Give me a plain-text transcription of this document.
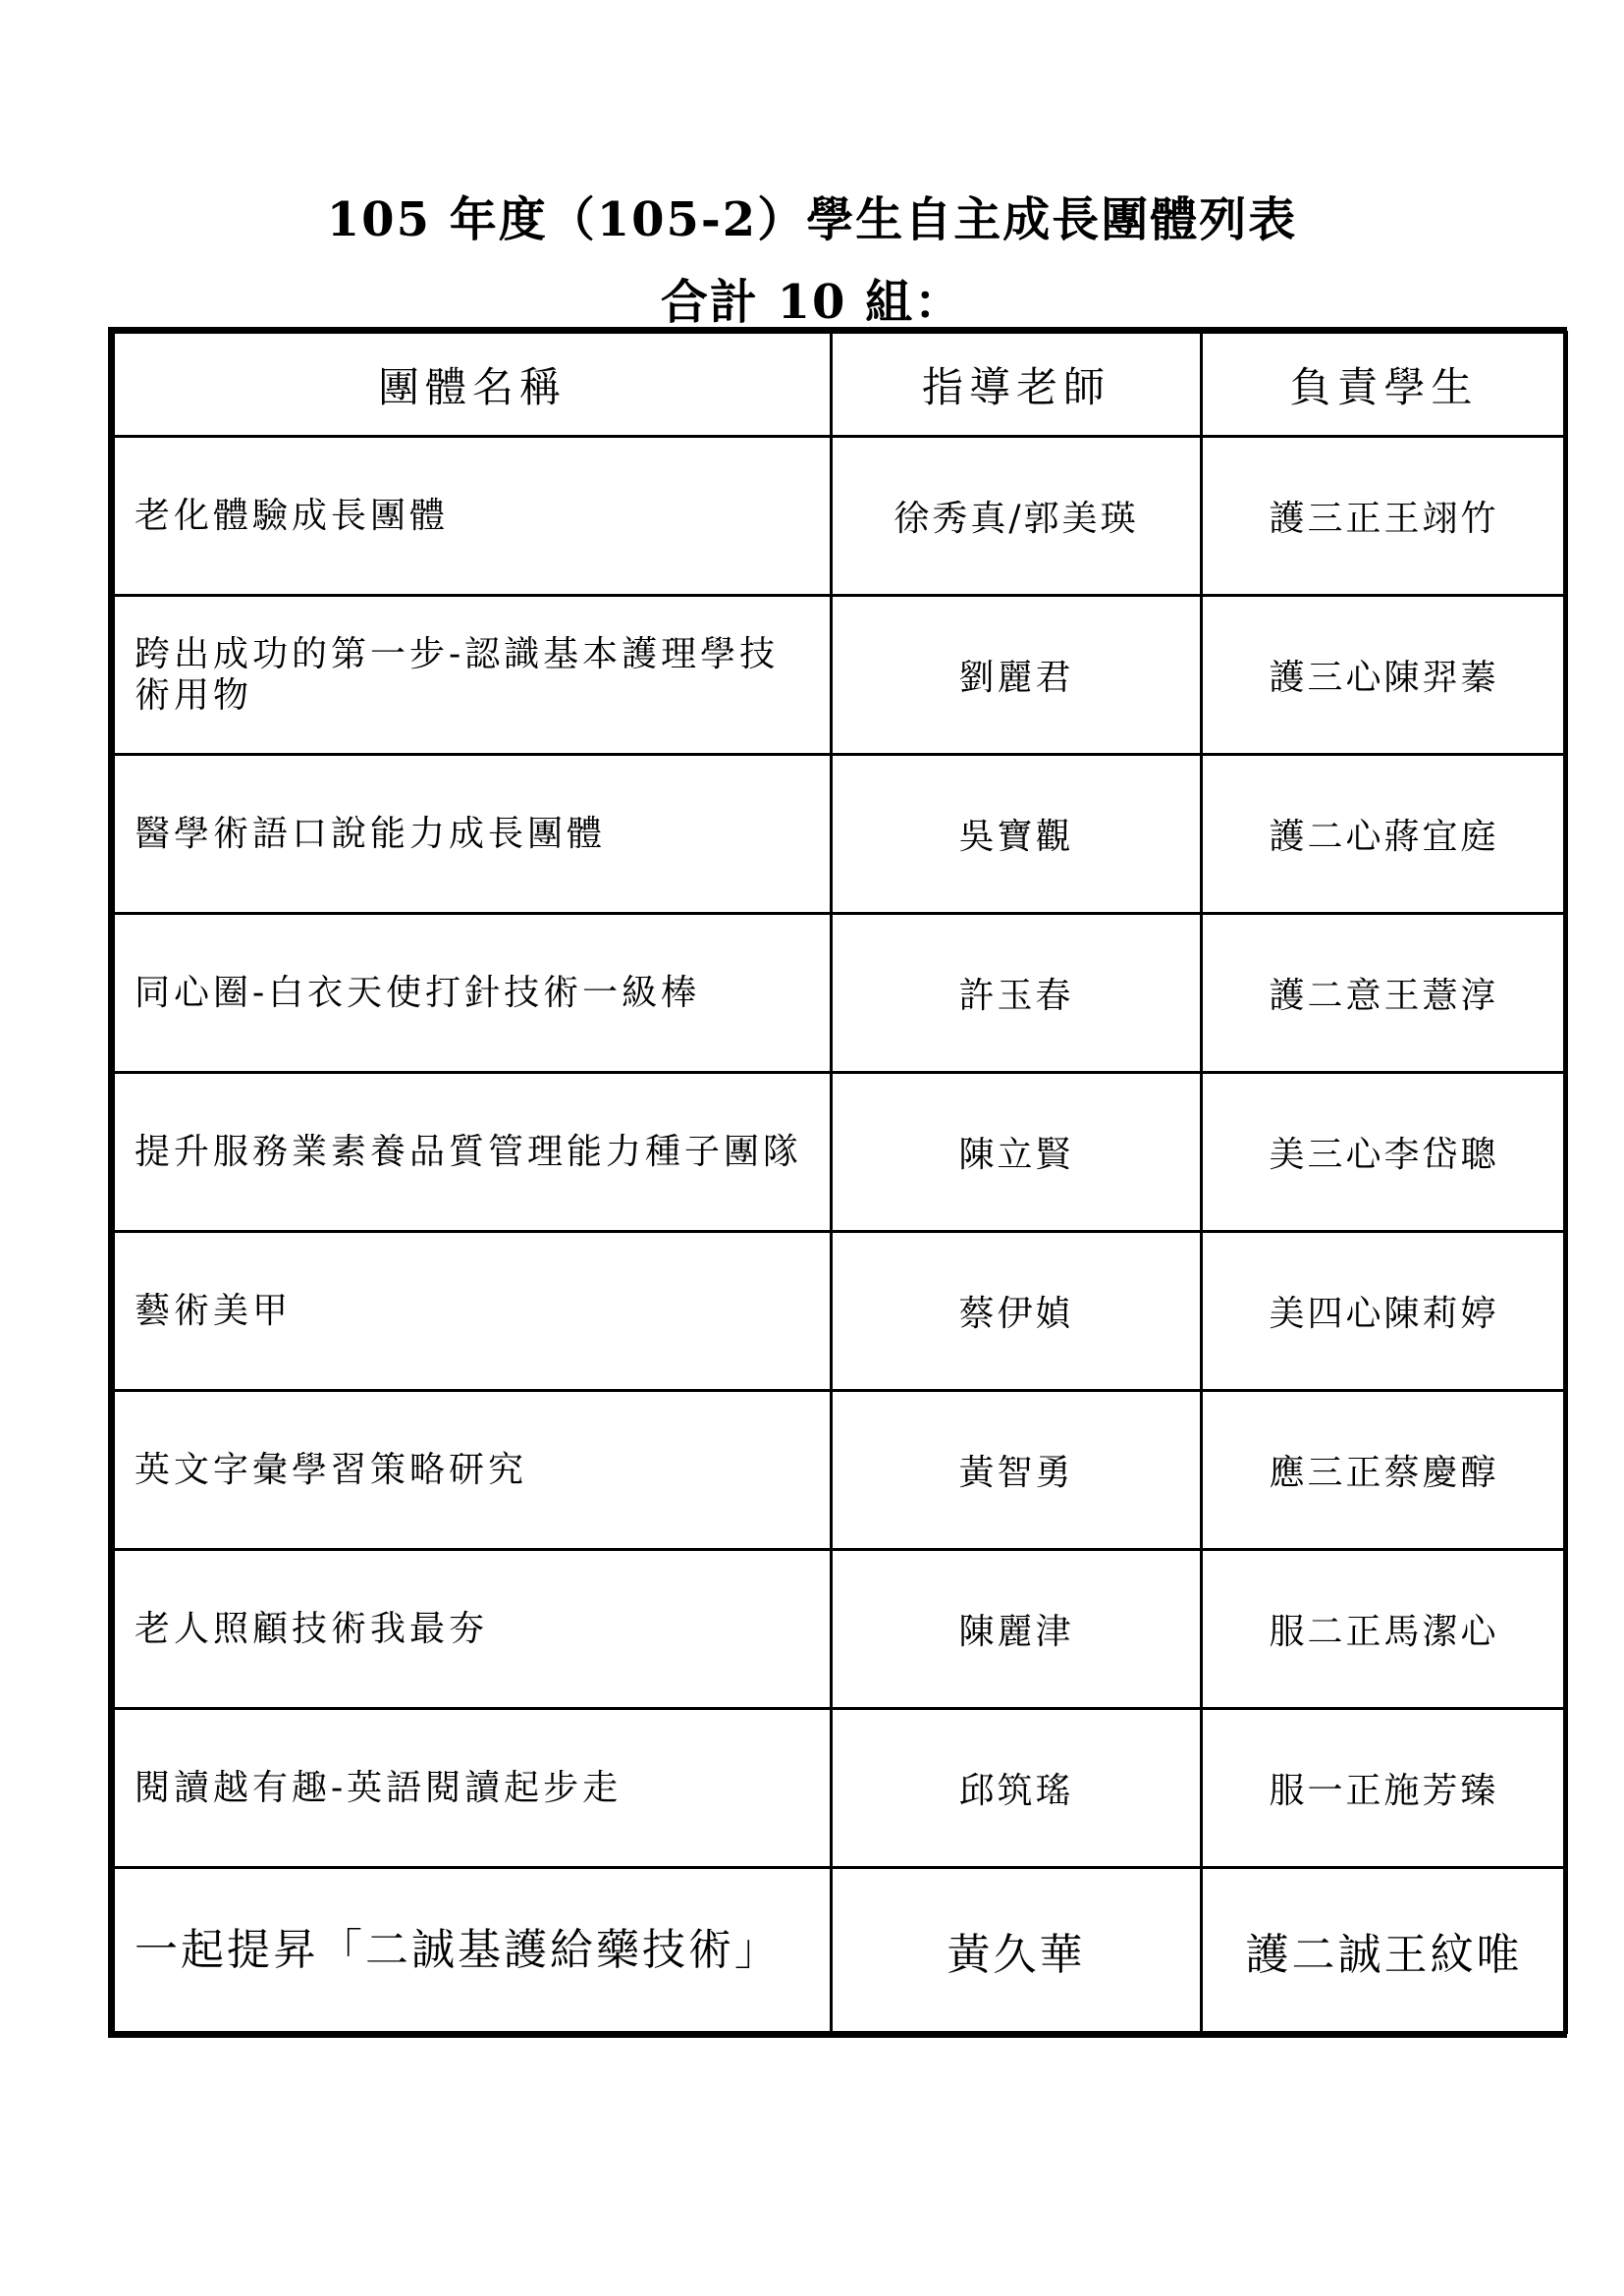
105 年度（105-2）學生自主成長團體列表
合計 10 組：
團體名稱	指導老師	負責學生

老化體驗成長團體	徐秀真/郭美瑛	護三正王翊竹

跨出成功的第一步-認識基本護理學技術用物	劉麗君	護三心陳羿蓁

醫學術語口說能力成長團體	吳寶觀	護二心蔣宜庭

同心圈-白衣天使打針技術一級棒	許玉春	護二意王薏淳

提升服務業素養品質管理能力種子團隊	陳立賢	美三心李岱聰

藝術美甲	蔡伊媜	美四心陳莉婷

英文字彙學習策略研究	黃智勇	應三正蔡慶醇

老人照顧技術我最夯	陳麗津	服二正馬潔心

閱讀越有趣-英語閱讀起步走	邱筑瑤	服一正施芳臻

一起提昇「二誠基護給藥技術」	黃久華	護二誠王紋唯
